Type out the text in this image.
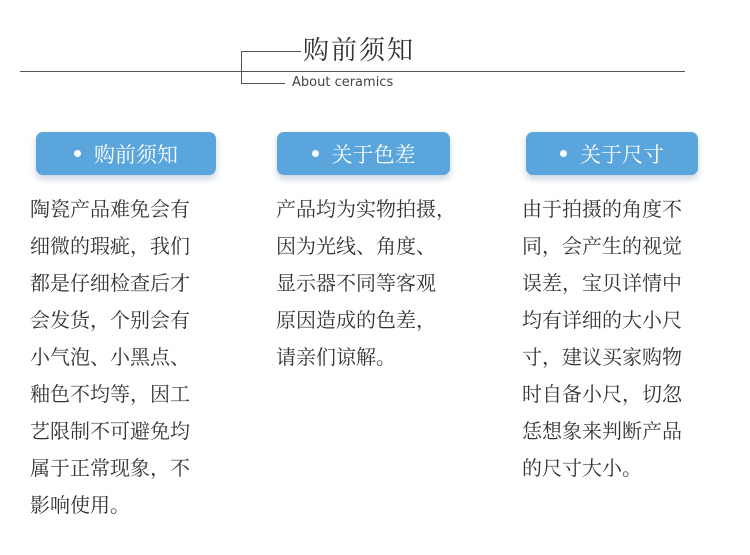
购前须知
About ceramics
购前须知
陶瓷产品难免会有
细微的瑕疵，我们
都是仔细检查后才
会发货，个别会有
小气泡、小黑点、
釉色不均等，因工
艺限制不可避免均
属于正常现象，不
影响使用。
关于色差
产品均为实物拍摄，
因为光线、角度、
显示器不同等客观
原因造成的色差，
请亲们谅解。
关于尺寸
由于拍摄的角度不
同，会产生的视觉
误差，宝贝详情中
均有详细的大小尺
寸，建议买家购物
时自备小尺，切忽
恁想象来判断产品
的尺寸大小。
